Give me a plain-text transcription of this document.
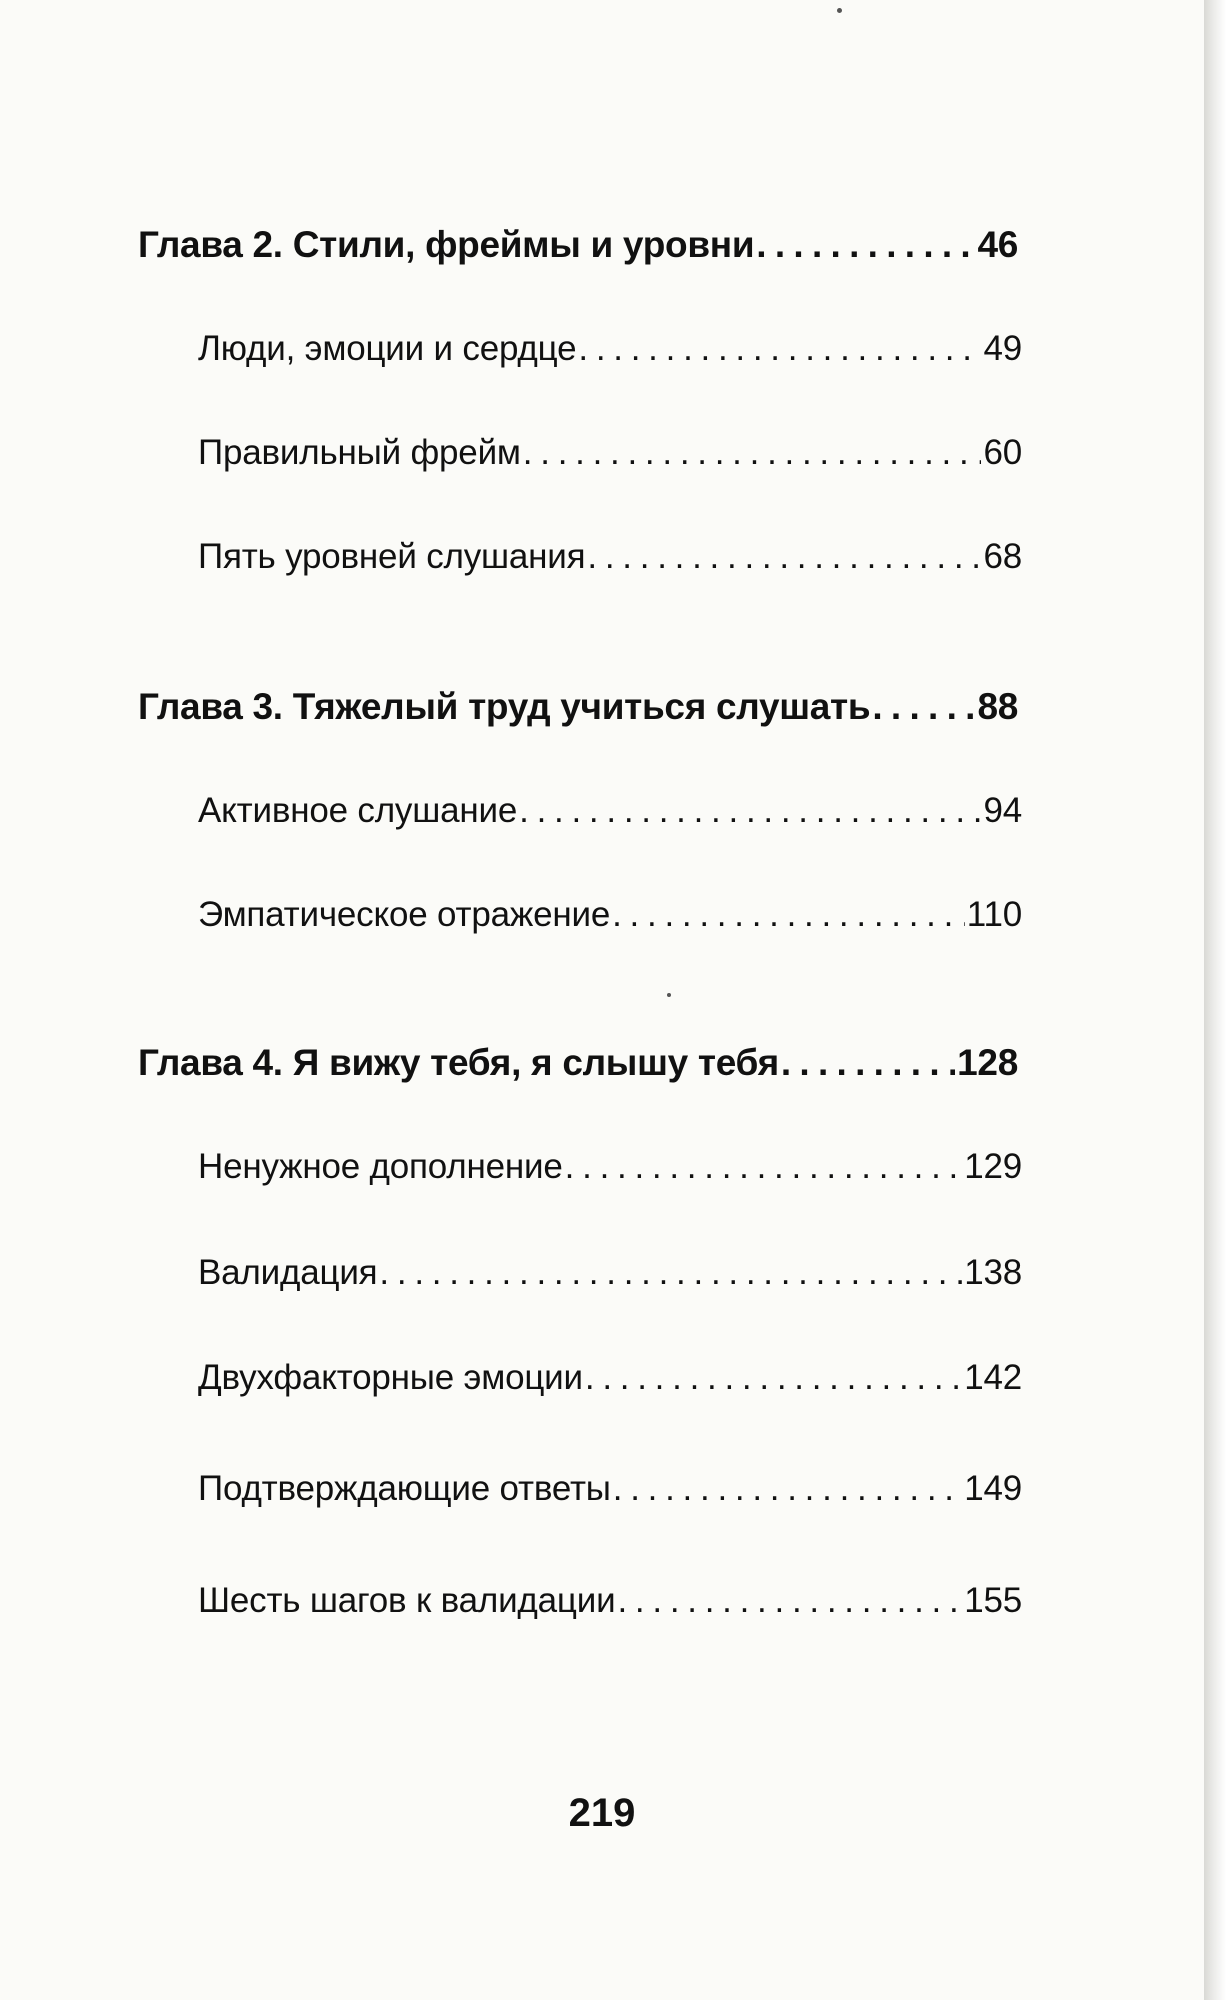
Глава 2. Стили, фреймы и уровни . . .	46
Люди, эмоции и сердце . . .	49
Правильный фрейм . . .	60
Пять уровней слушания . . .	68
Глава 3. Тяжелый труд учиться слушать . . .	88
Активное слушание . . .	94
Эмпатическое отражение . . .	110
Глава 4. Я вижу тебя, я слышу тебя . . .	128
Ненужное дополнение . . .	129
Валидация . . .	138
Двухфакторные эмоции . . .	142
Подтверждающие ответы . . .	149
Шесть шагов к валидации . . .	155
219
